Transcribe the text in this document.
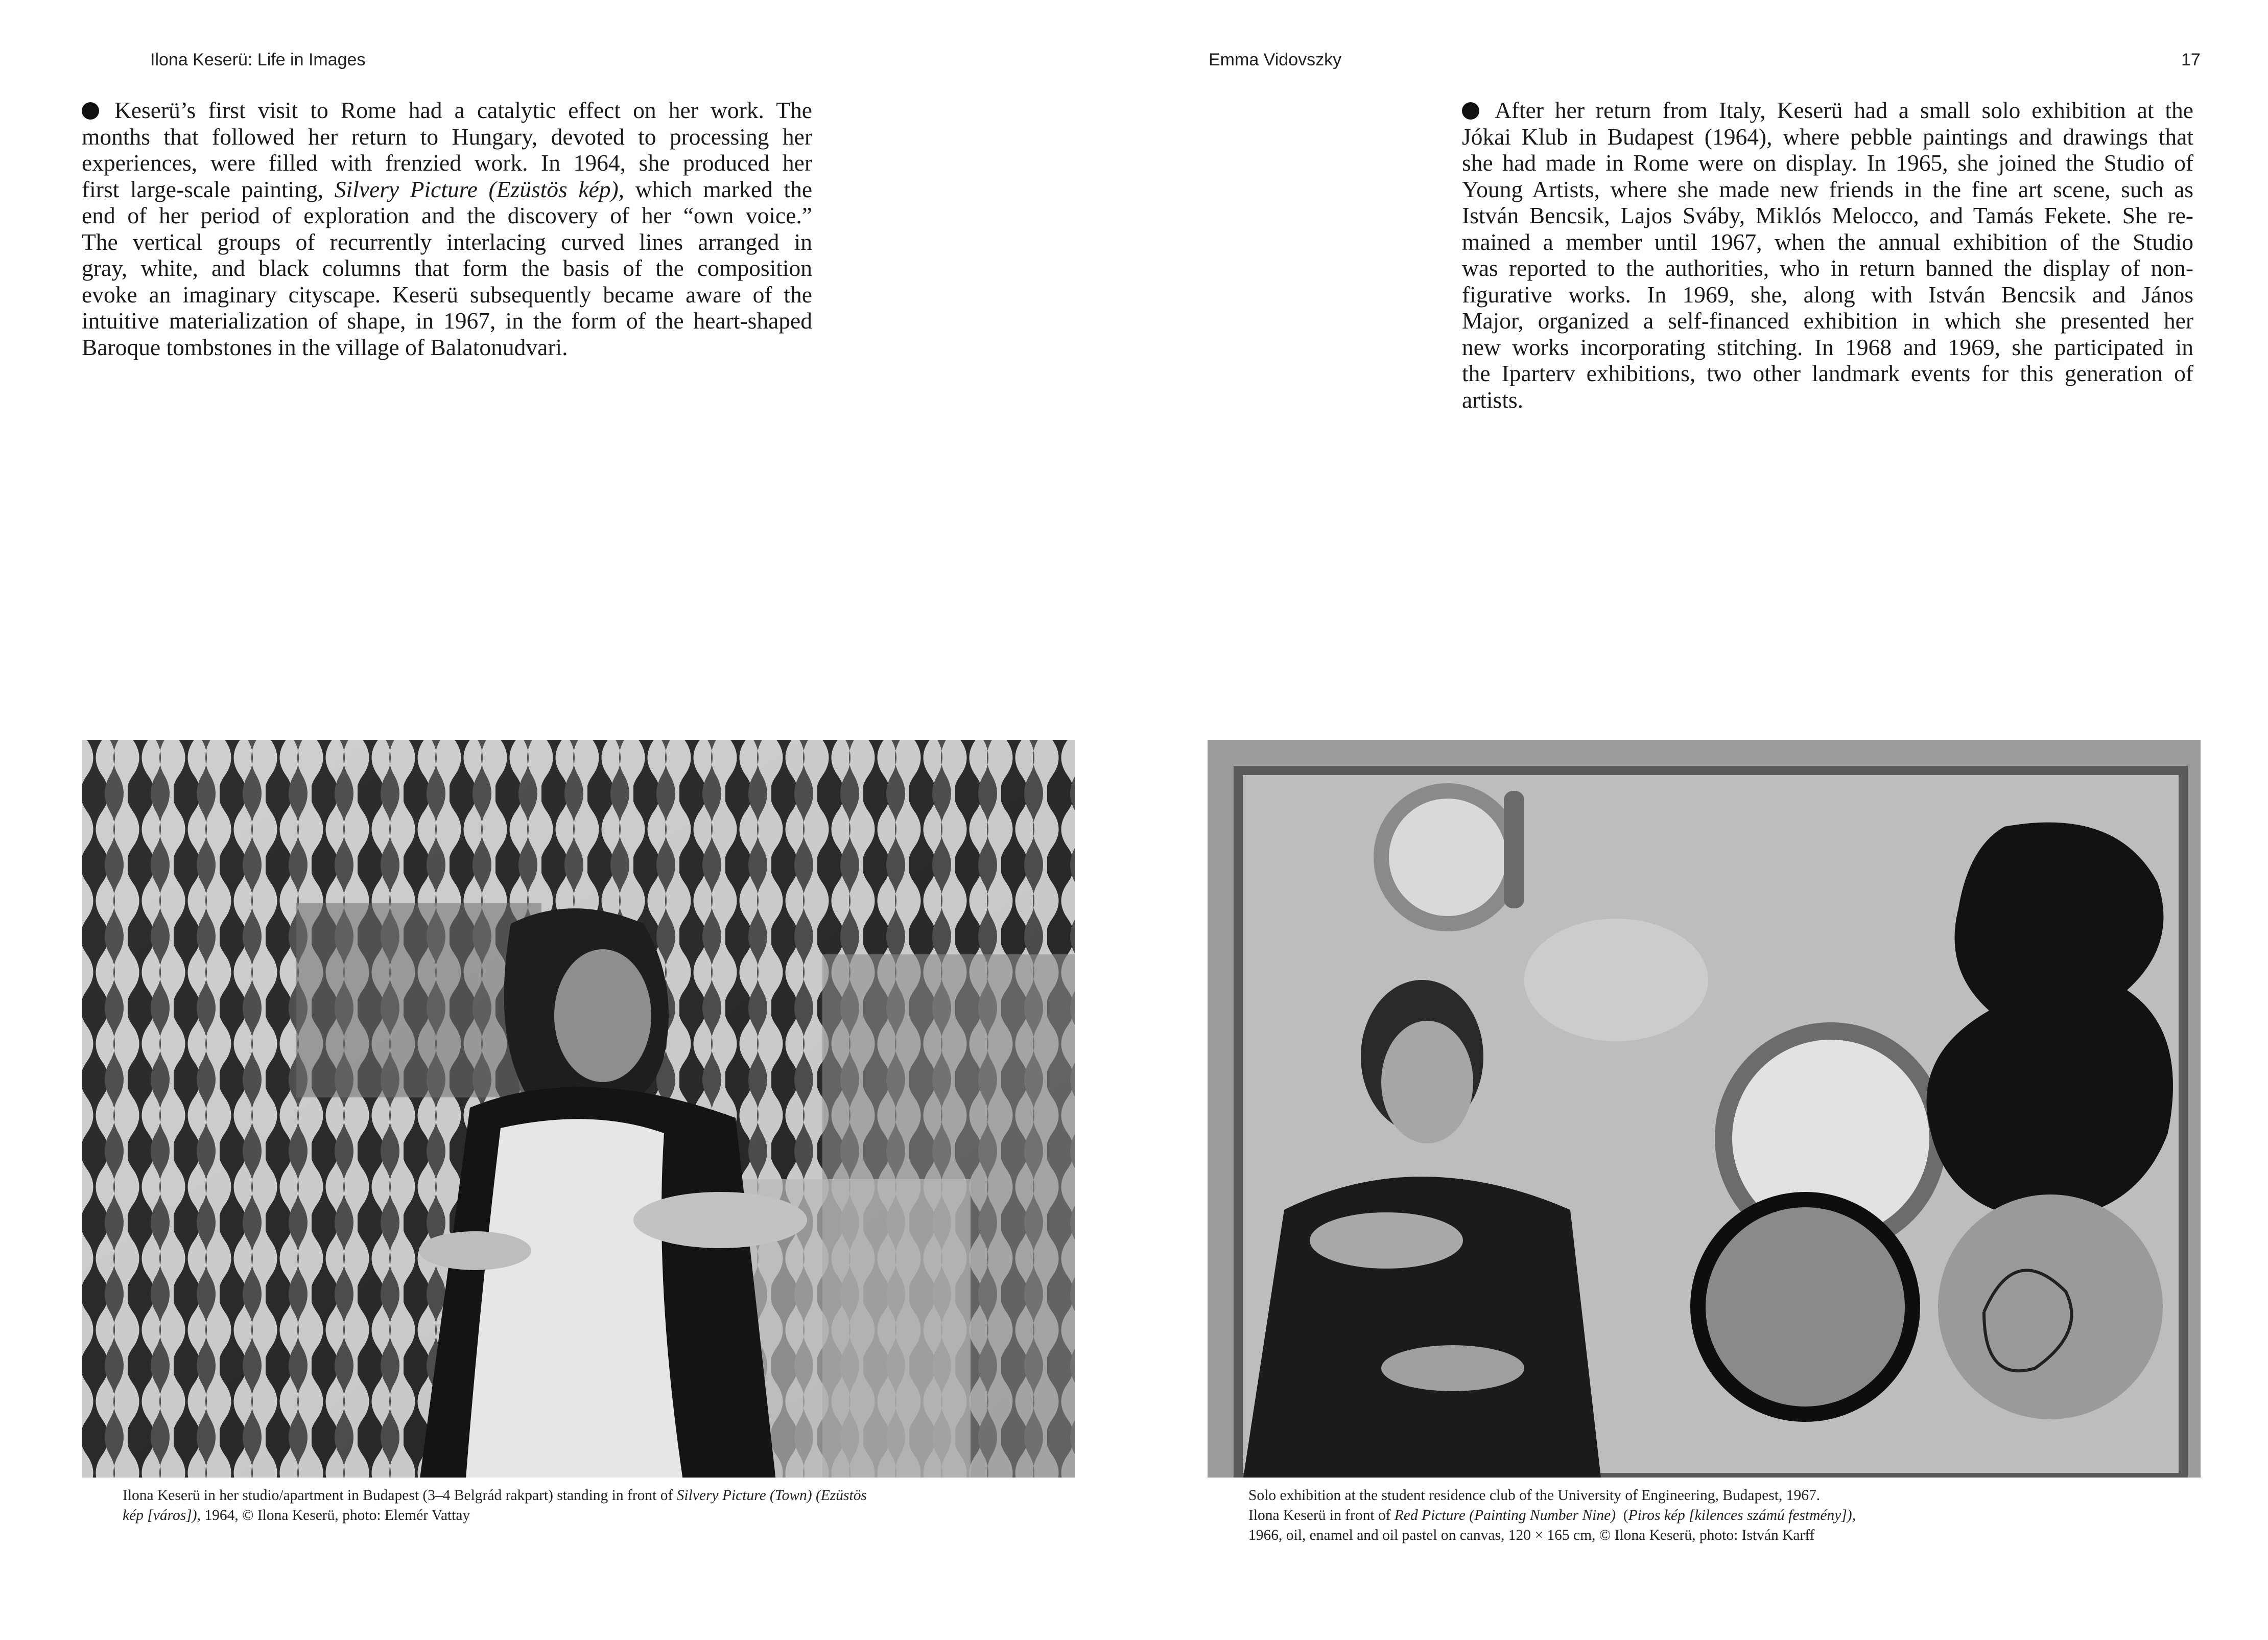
Ilona Keserü: Life in Images	Emma Vidovszky	17
Keserü’s first visit to Rome had a catalytic effect on her work. The
months that followed her return to Hungary, devoted to processing her
experiences, were filled with frenzied work. In 1964, she produced her
first large-scale painting, Silvery Picture (Ezüstös kép), which marked the
end of her period of exploration and the discovery of her “own voice.”
The vertical groups of recurrently interlacing curved lines arranged in
gray, white, and black columns that form the basis of the composition
evoke an imaginary cityscape. Keserü subsequently became aware of the
intuitive materialization of shape, in 1967, in the form of the heart-shaped
Baroque tombstones in the village of Balatonudvari.
After her return from Italy, Keserü had a small solo exhibition at the
Jókai Klub in Budapest (1964), where pebble paintings and drawings that
she had made in Rome were on display. In 1965, she joined the Studio of
Young Artists, where she made new friends in the fine art scene, such as
István Bencsik, Lajos Sváby, Miklós Melocco, and Tamás Fekete. She re-
mained a member until 1967, when the annual exhibition of the Studio
was reported to the authorities, who in return banned the display of non-
figurative works. In 1969, she, along with István Bencsik and János
Major, organized a self-financed exhibition in which she presented her
new works incorporating stitching. In 1968 and 1969, she participated in
the Iparterv exhibitions, two other landmark events for this generation of
artists.
Ilona Keserü in her studio/apartment in Budapest (3–4 Belgrád rakpart) standing in front of Silvery Picture (Town) (Ezüstös
kép [város]), 1964, © Ilona Keserü, photo: Elemér Vattay
Solo exhibition at the student residence club of the University of Engineering, Budapest, 1967.
Ilona Keserü in front of Red Picture (Painting Number Nine)  (Piros kép [kilences számú festmény]),
1966, oil, enamel and oil pastel on canvas, 120 × 165 cm, © Ilona Keserü, photo: István Karff
